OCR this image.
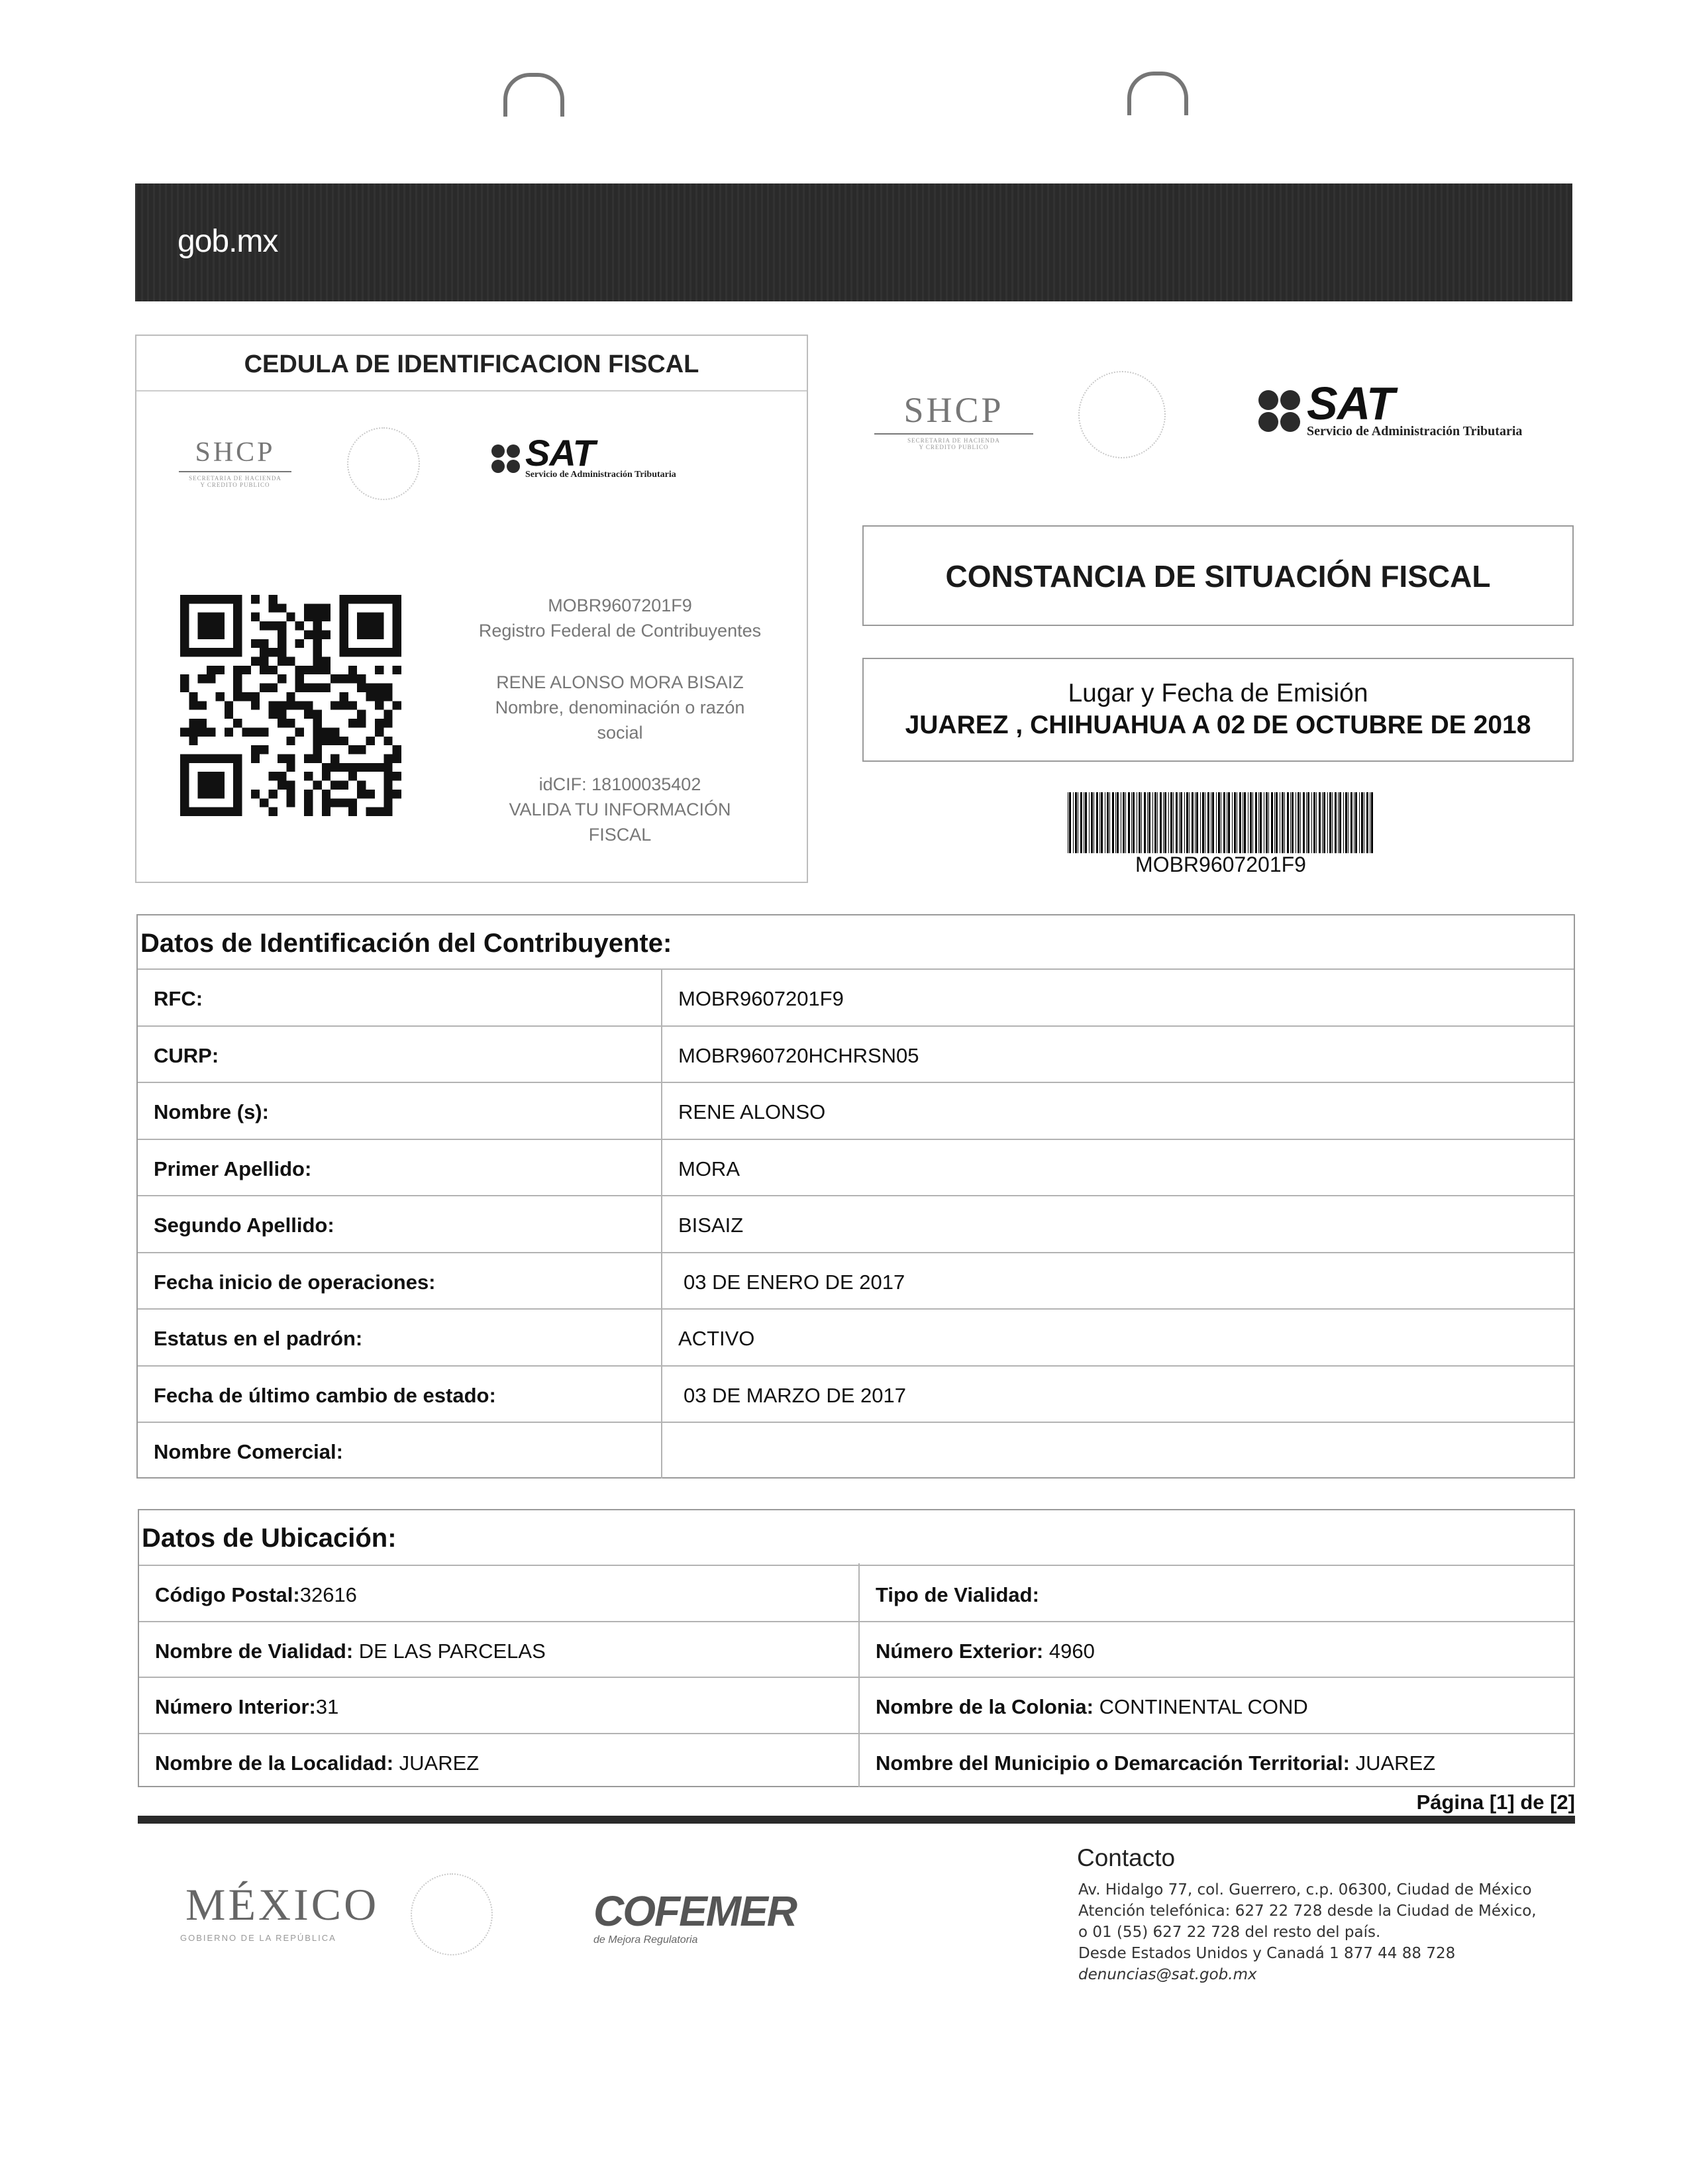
gob.mx
CEDULA DE IDENTIFICACION FISCAL
SHCP
SECRETARIA DE HACIENDA
Y CREDITO PUBLICO
SAT
Servicio de Administración Tributaria
MOBR9607201F9
Registro Federal de Contribuyentes
RENE ALONSO MORA BISAIZ
Nombre, denominación o razón
social
idCIF: 18100035402
VALIDA TU INFORMACIÓN
FISCAL
SHCP
SECRETARIA DE HACIENDA
Y CREDITO PUBLICO
SAT
Servicio de Administración Tributaria
CONSTANCIA DE SITUACIÓN FISCAL
Lugar y Fecha de Emisión
JUAREZ , CHIHUAHUA A 02 DE OCTUBRE DE 2018
MOBR9607201F9
Datos de Identificación del Contribuyente:
RFC:	MOBR9607201F9
CURP:	MOBR960720HCHRSN05
Nombre (s):	RENE ALONSO
Primer Apellido:	MORA
Segundo Apellido:	BISAIZ
Fecha inicio de operaciones:	03 DE ENERO DE 2017
Estatus en el padrón:	ACTIVO
Fecha de último cambio de estado:	03 DE MARZO DE 2017
Nombre Comercial:
Datos de Ubicación:
Código Postal:32616	Tipo de Vialidad:
Nombre de Vialidad: DE LAS PARCELAS	Número Exterior: 4960
Número Interior:31	Nombre de la Colonia: CONTINENTAL COND
Nombre de la Localidad: JUAREZ	Nombre del Municipio o Demarcación Territorial: JUAREZ
Página [1] de [2]
MÉXICO
GOBIERNO DE LA REPÚBLICA
COFEMER
de Mejora Regulatoria
Contacto
Av. Hidalgo 77, col. Guerrero, c.p. 06300, Ciudad de México
Atención telefónica: 627 22 728 desde la Ciudad de México,
o 01 (55) 627 22 728 del resto del país.
Desde Estados Unidos y Canadá 1 877 44 88 728
denuncias@sat.gob.mx
